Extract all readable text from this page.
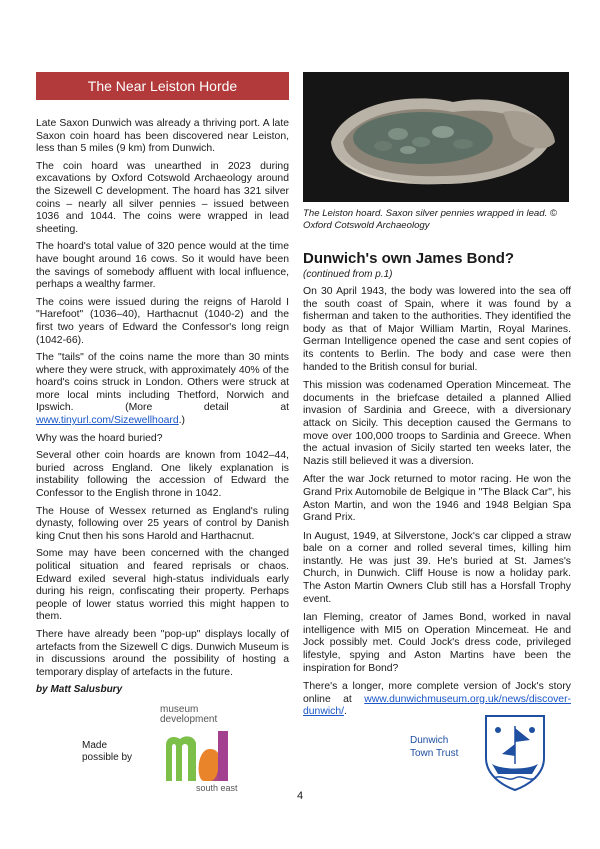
The Near Leiston Horde

Late Saxon Dunwich was already a thriving port. A late Saxon coin hoard has been discovered near Leiston, less than 5 miles (9 km) from Dunwich.

The coin hoard was unearthed in 2023 during excavations by Oxford Cotswold Archaeology around the Sizewell C development. The hoard has 321 silver coins – nearly all silver pennies – issued between 1036 and 1044. The coins were wrapped in lead sheeting.

The hoard's total value of 320 pence would at the time have bought around 16 cows. So it would have been the savings of somebody affluent with local influence, perhaps a wealthy farmer.

The coins were issued during the reigns of Harold I "Harefoot" (1036–40), Harthacnut (1040-2) and the first two years of Edward the Confessor's long reign (1042-66).

The "tails" of the coins name the more than 30 mints where they were struck, with approximately 40% of the hoard's coins struck in London. Others were struck at more local mints including Thetford, Norwich and Ipswich. (More detail at www.tinyurl.com/Sizewellhoard.)

Why was the hoard buried?

Several other coin hoards are known from 1042–44, buried across England. One likely explanation is instability following the accession of Edward the Confessor to the English throne in 1042.

The House of Wessex returned as England's ruling dynasty, following over 25 years of control by Danish king Cnut then his sons Harold and Harthacnut.

Some may have been concerned with the changed political situation and feared reprisals or chaos. Edward exiled several high-status individuals early during his reign, confiscating their property. Perhaps people of lower status worried this might happen to them.

There have already been "pop-up" displays locally of artefacts from the Sizewell C digs. Dunwich Museum is in discussions around the possibility of hosting a temporary display of artefacts in the future.

by Matt Salusbury
The Leiston hoard. Saxon silver pennies wrapped in lead. © Oxford Cotswold Archaeology
Dunwich's own James Bond?
(continued from p.1)

On 30 April 1943, the body was lowered into the sea off the south coast of Spain, where it was found by a fisherman and taken to the authorities. They identified the body as that of Major William Martin, Royal Marines. German Intelligence opened the case and sent copies of its contents to Berlin. The body and case were then handed to the British consul for burial.

This mission was codenamed Operation Mincemeat. The documents in the briefcase detailed a planned Allied invasion of Sardinia and Greece, with a diversionary attack on Sicily. This deception caused the Germans to move over 100,000 troops to Sardinia and Greece. When the actual invasion of Sicily started ten weeks later, the Nazis still believed it was a diversion.

After the war Jock returned to motor racing. He won the Grand Prix Automobile de Belgique in "The Black Car", his Aston Martin, and won the 1946 and 1948 Belgian Spa Grand Prix.

In August, 1949, at Silverstone, Jock's car clipped a straw bale on a corner and rolled several times, killing him instantly. He was just 39. He's buried at St. James's Church, in Dunwich. Cliff House is now a holiday park. The Aston Martin Owners Club still has a Horsfall Trophy event.

Ian Fleming, creator of James Bond, worked in naval intelligence with MI5 on Operation Mincemeat. He and Jock possibly met. Could Jock's dress code, privileged lifestyle, spying and Aston Martins have been the inspiration for Bond?

There's a longer, more complete version of Jock's story online at www.dunwichmuseum.org.uk/news/discover-dunwich/.

Made
possible by
museum
development
south east
Dunwich
Town Trust
4
